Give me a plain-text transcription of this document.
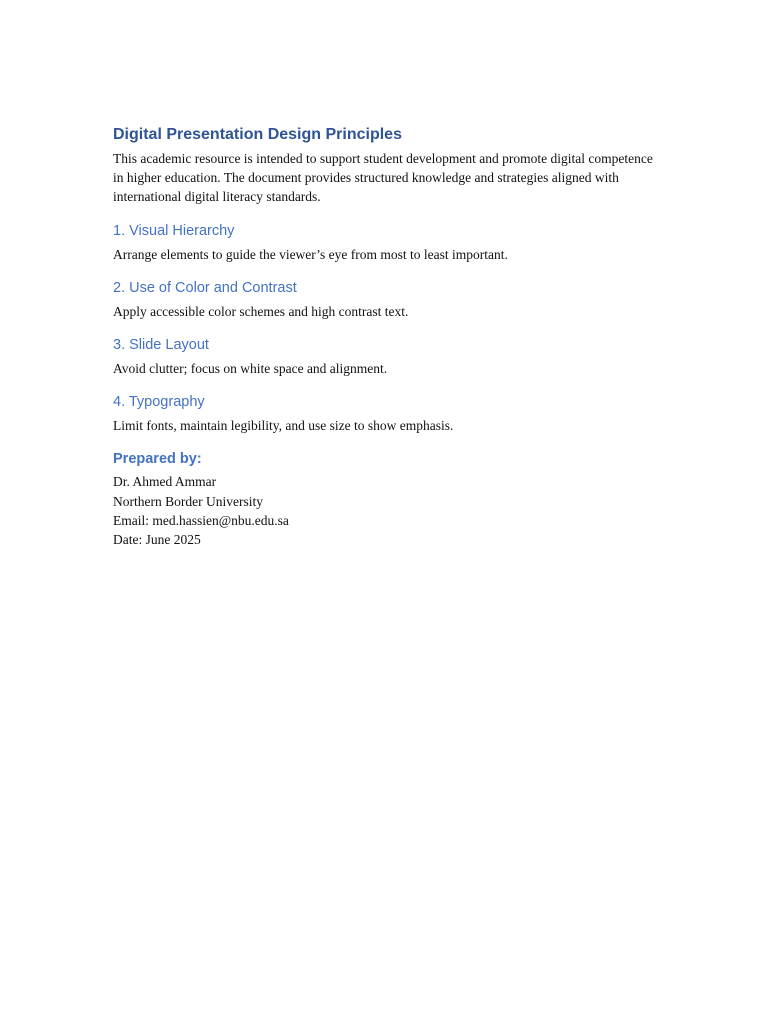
Digital Presentation Design Principles

This academic resource is intended to support student development and promote digital competence in higher education. The document provides structured knowledge and strategies aligned with international digital literacy standards.

1. Visual Hierarchy

Arrange elements to guide the viewer’s eye from most to least important.

2. Use of Color and Contrast

Apply accessible color schemes and high contrast text.

3. Slide Layout

Avoid clutter; focus on white space and alignment.

4. Typography

Limit fonts, maintain legibility, and use size to show emphasis.

Prepared by:
Dr. Ahmed Ammar
Northern Border University
Email: med.hassien@nbu.edu.sa
Date: June 2025
